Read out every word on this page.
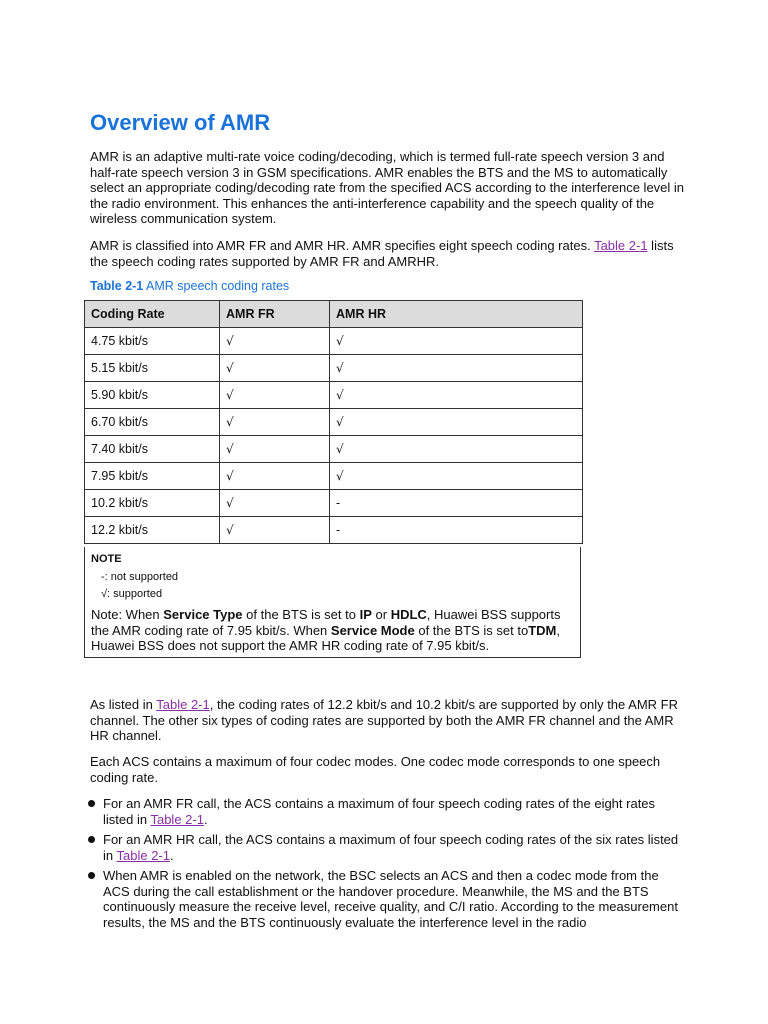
Overview of AMR

AMR is an adaptive multi-rate voice coding/decoding, which is termed full-rate speech version 3 and half-rate speech version 3 in GSM specifications. AMR enables the BTS and the MS to automatically select an appropriate coding/decoding rate from the specified ACS according to the interference level in the radio environment. This enhances the anti-interference capability and the speech quality of the wireless communication system.

AMR is classified into AMR FR and AMR HR. AMR specifies eight speech coding rates. Table 2-1 lists the speech coding rates supported by AMR FR and AMRHR.

Table 2-1 AMR speech coding rates

Coding Rate	AMR FR	AMR HR
4.75 kbit/s	√	√
5.15 kbit/s	√	√
5.90 kbit/s	√	√
6.70 kbit/s	√	√
7.40 kbit/s	√	√
7.95 kbit/s	√	√
10.2 kbit/s	√	-
12.2 kbit/s	√	-
NOTE
-: not supported
√: supported

Note: When Service Type of the BTS is set to IP or HDLC, Huawei BSS supports the AMR coding rate of 7.95 kbit/s. When Service Mode of the BTS is set toTDM, Huawei BSS does not support the AMR HR coding rate of 7.95 kbit/s.

As listed in Table 2-1, the coding rates of 12.2 kbit/s and 10.2 kbit/s are supported by only the AMR FR channel. The other six types of coding rates are supported by both the AMR FR channel and the AMR HR channel.

Each ACS contains a maximum of four codec modes. One codec mode corresponds to one speech coding rate.

For an AMR FR call, the ACS contains a maximum of four speech coding rates of the eight rates listed in Table 2-1.
For an AMR HR call, the ACS contains a maximum of four speech coding rates of the six rates listed in Table 2-1.
When AMR is enabled on the network, the BSC selects an ACS and then a codec mode from the ACS during the call establishment or the handover procedure. Meanwhile, the MS and the BTS continuously measure the receive level, receive quality, and C/I ratio. According to the measurement results, the MS and the BTS continuously evaluate the interference level in the radio
